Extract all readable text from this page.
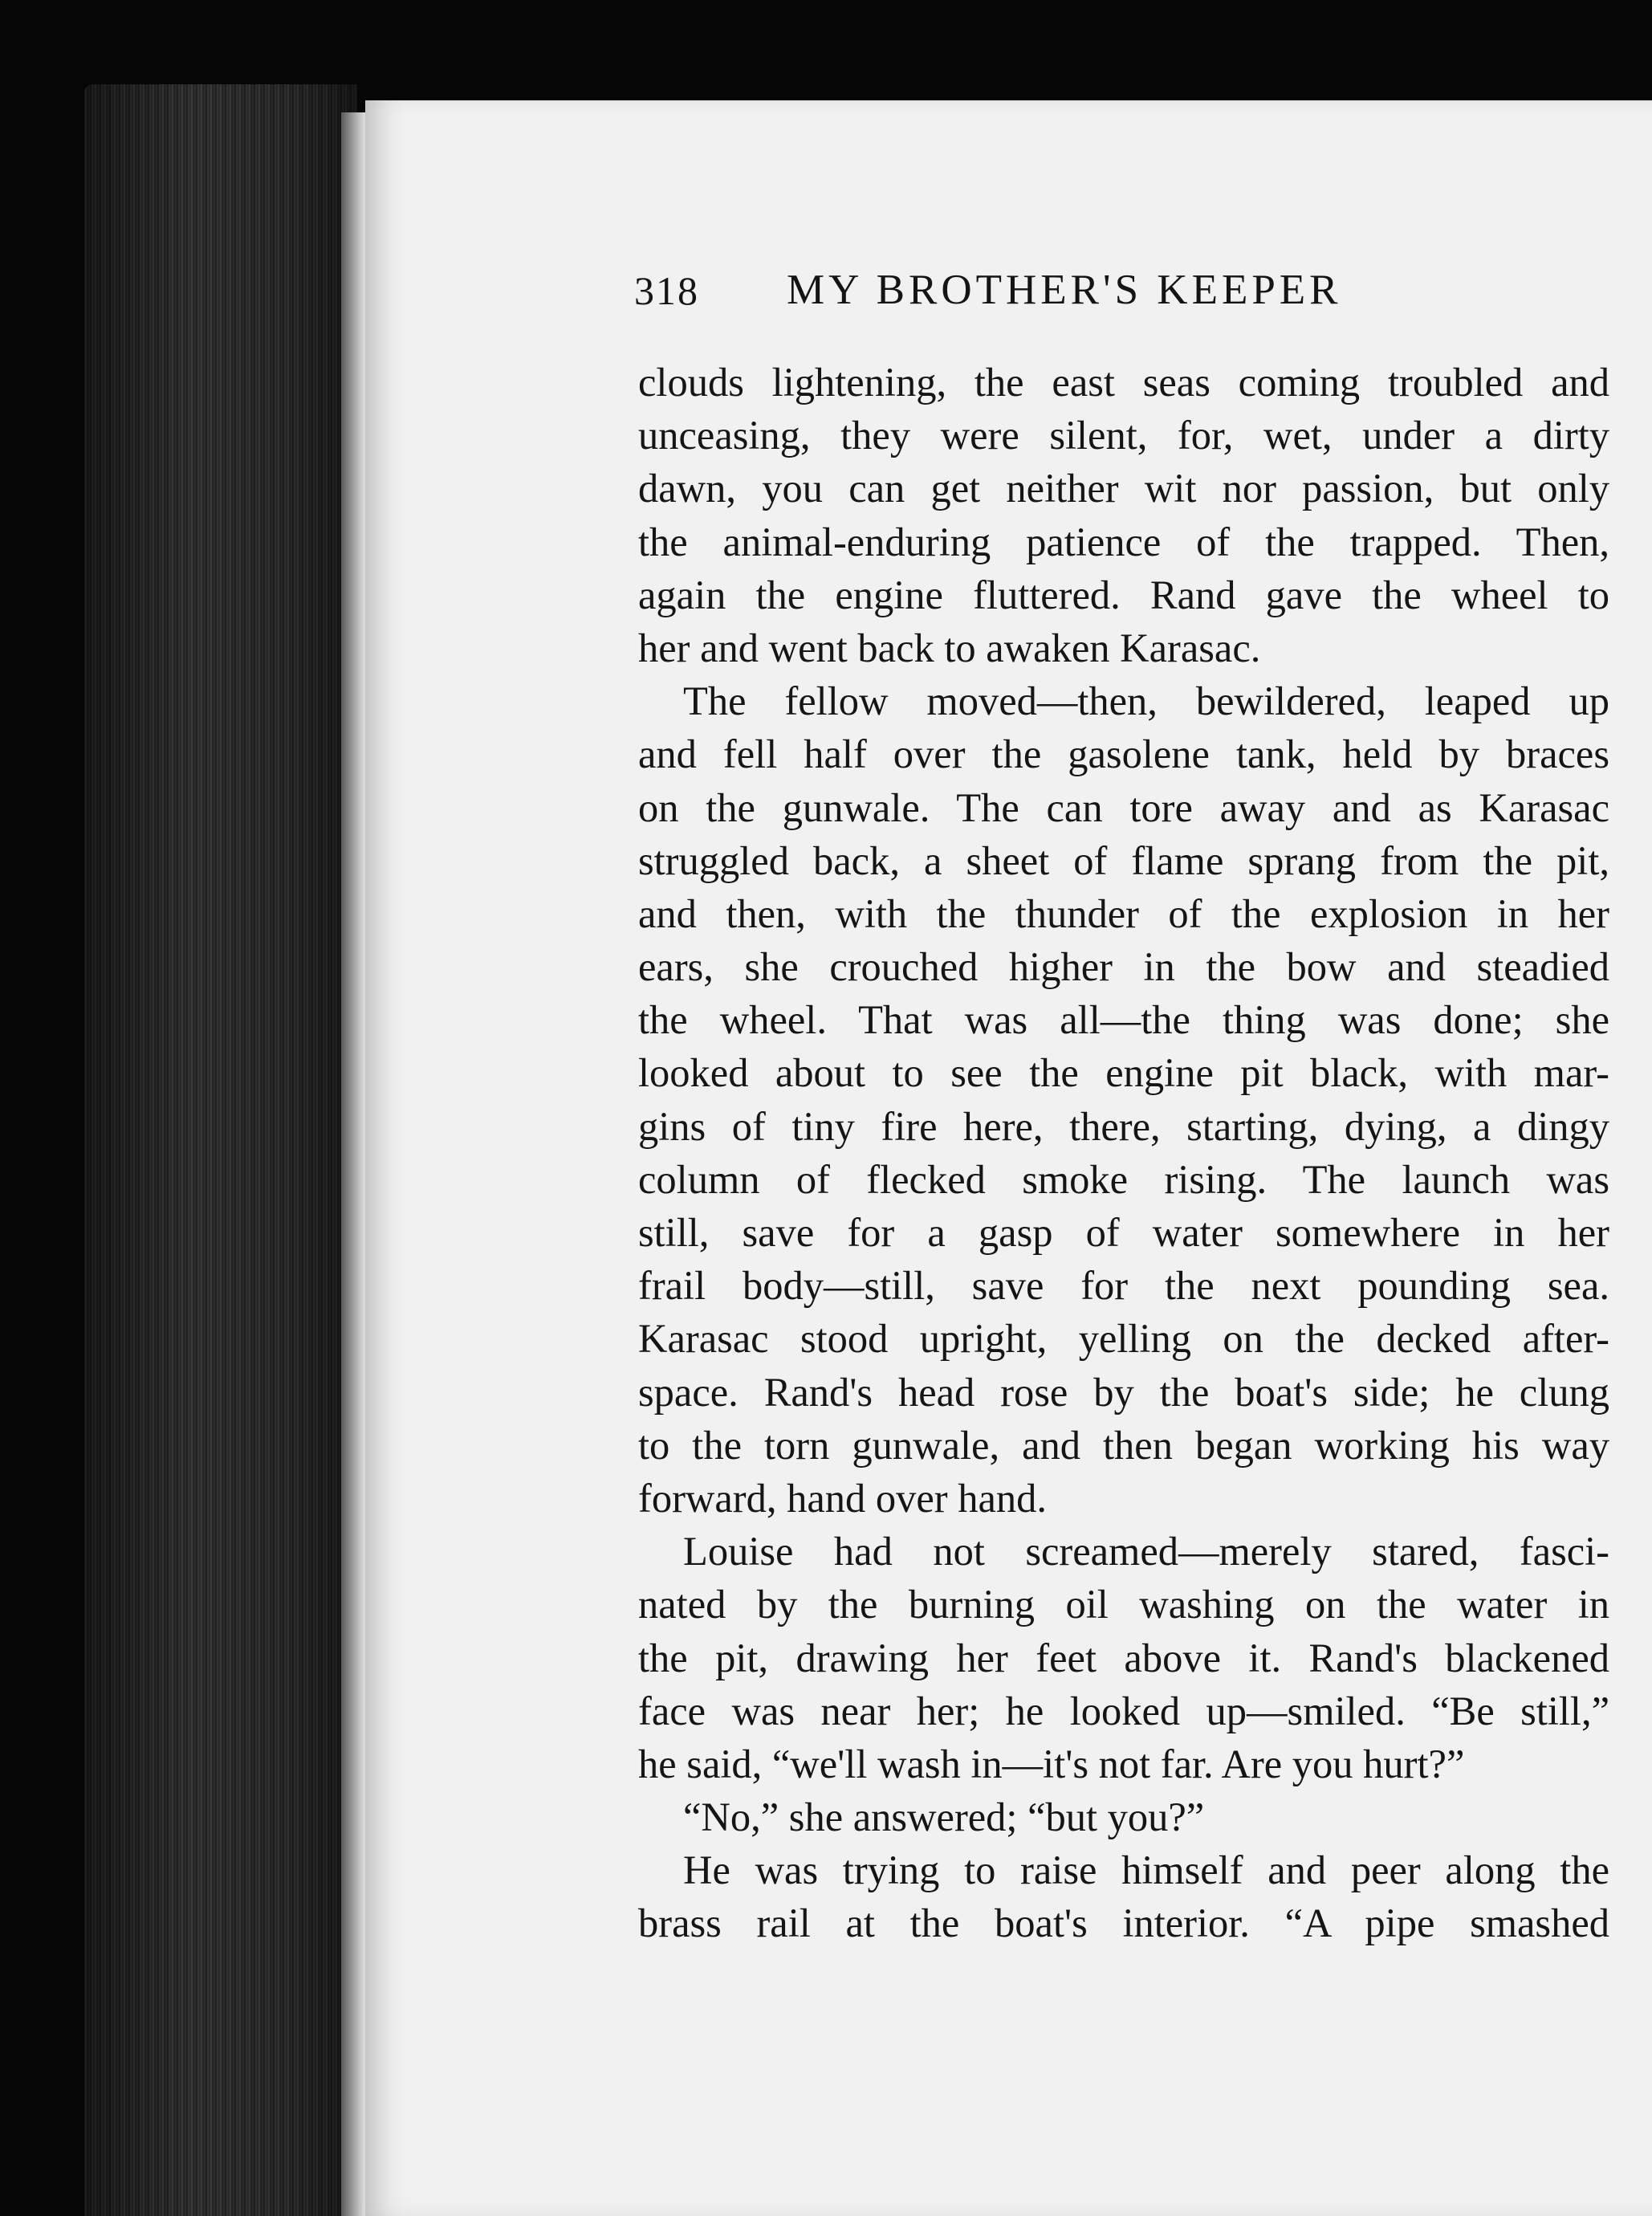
318 MY BROTHER'S KEEPER
clouds lightening, the east seas coming troubled and
unceasing, they were silent, for, wet, under a dirty
dawn, you can get neither wit nor passion, but only
the animal-enduring patience of the trapped. Then,
again the engine fluttered. Rand gave the wheel to
her and went back to awaken Karasac.
The fellow moved—then, bewildered, leaped up
and fell half over the gasolene tank, held by braces
on the gunwale. The can tore away and as Karasac
struggled back, a sheet of flame sprang from the pit,
and then, with the thunder of the explosion in her
ears, she crouched higher in the bow and steadied
the wheel. That was all—the thing was done; she
looked about to see the engine pit black, with mar-
gins of tiny fire here, there, starting, dying, a dingy
column of flecked smoke rising. The launch was
still, save for a gasp of water somewhere in her
frail body—still, save for the next pounding sea.
Karasac stood upright, yelling on the decked after-
space. Rand's head rose by the boat's side; he clung
to the torn gunwale, and then began working his way
forward, hand over hand.
Louise had not screamed—merely stared, fasci-
nated by the burning oil washing on the water in
the pit, drawing her feet above it. Rand's blackened
face was near her; he looked up—smiled. “Be still,”
he said, “we'll wash in—it's not far. Are you hurt?”
“No,” she answered; “but you?”
He was trying to raise himself and peer along the
brass rail at the boat's interior. “A pipe smashed
